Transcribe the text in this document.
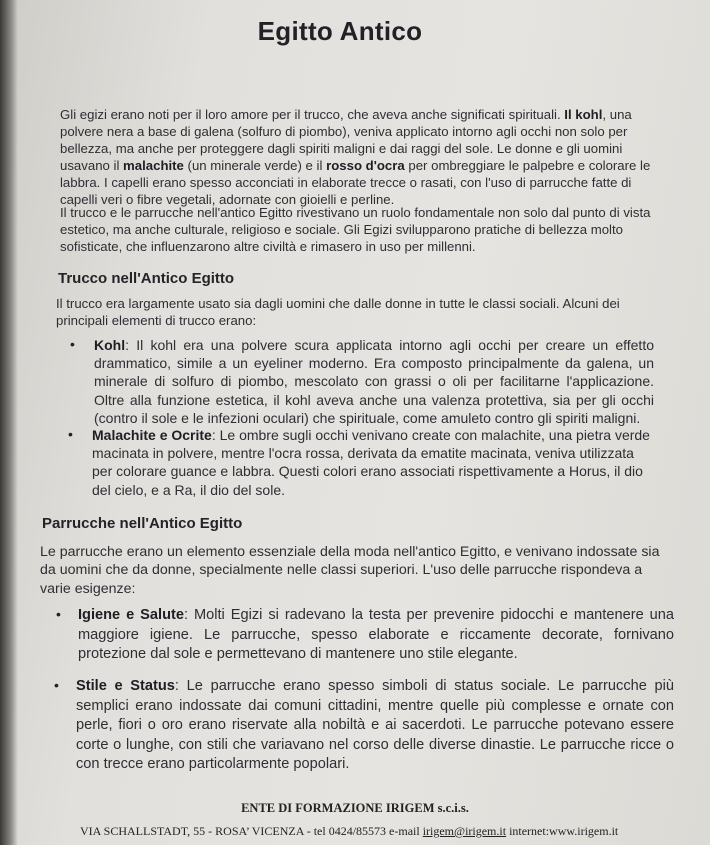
Egitto Antico

Gli egizi erano noti per il loro amore per il trucco, che aveva anche significati spirituali. Il kohl, una polvere nera a base di galena (solfuro di piombo), veniva applicato intorno agli occhi non solo per bellezza, ma anche per proteggere dagli spiriti maligni e dai raggi del sole. Le donne e gli uomini usavano il malachite (un minerale verde) e il rosso d'ocra per ombreggiare le palpebre e colorare le labbra. I capelli erano spesso acconciati in elaborate trecce o rasati, con l'uso di parrucche fatte di capelli veri o fibre vegetali, adornate con gioielli e perline.

Il trucco e le parrucche nell'antico Egitto rivestivano un ruolo fondamentale non solo dal punto di vista estetico, ma anche culturale, religioso e sociale. Gli Egizi svilupparono pratiche di bellezza molto sofisticate, che influenzarono altre civiltà e rimasero in uso per millenni.

Trucco nell'Antico Egitto

Il trucco era largamente usato sia dagli uomini che dalle donne in tutte le classi sociali. Alcuni dei principali elementi di trucco erano:

• Kohl: Il kohl era una polvere scura applicata intorno agli occhi per creare un effetto drammatico, simile a un eyeliner moderno. Era composto principalmente da galena, un minerale di solfuro di piombo, mescolato con grassi o oli per facilitarne l'applicazione. Oltre alla funzione estetica, il kohl aveva anche una valenza protettiva, sia per gli occhi (contro il sole e le infezioni oculari) che spirituale, come amuleto contro gli spiriti maligni.

• Malachite e Ocrite: Le ombre sugli occhi venivano create con malachite, una pietra verde macinata in polvere, mentre l'ocra rossa, derivata da ematite macinata, veniva utilizzata per colorare guance e labbra. Questi colori erano associati rispettivamente a Horus, il dio del cielo, e a Ra, il dio del sole.

Parrucche nell'Antico Egitto

Le parrucche erano un elemento essenziale della moda nell'antico Egitto, e venivano indossate sia da uomini che da donne, specialmente nelle classi superiori. L'uso delle parrucche rispondeva a varie esigenze:

• Igiene e Salute: Molti Egizi si radevano la testa per prevenire pidocchi e mantenere una maggiore igiene. Le parrucche, spesso elaborate e riccamente decorate, fornivano protezione dal sole e permettevano di mantenere uno stile elegante.

• Stile e Status: Le parrucche erano spesso simboli di status sociale. Le parrucche più semplici erano indossate dai comuni cittadini, mentre quelle più complesse e ornate con perle, fiori o oro erano riservate alla nobiltà e ai sacerdoti. Le parrucche potevano essere corte o lunghe, con stili che variavano nel corso delle diverse dinastie. Le parrucche ricce o con trecce erano particolarmente popolari.

ENTE DI FORMAZIONE IRIGEM s.c.i.s.
VIA SCHALLSTADT, 55 - ROSA’ VICENZA - tel 0424/85573 e-mail irigem@irigem.it internet:www.irigem.it
